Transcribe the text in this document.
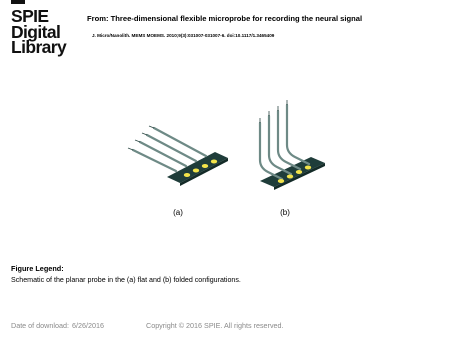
SPIE
Digital
Library
From: Three-dimensional flexible microprobe for recording the neural signal
J. Micro/Nanolith. MEMS MOEMS. 2010;9(3):031007-031007-6. doi:10.1117/1.3465409
(a)	(b)
Figure Legend:
Schematic of the planar probe in the (a) flat and (b) folded configurations.
Date of download: 6/26/2016	Copyright © 2016 SPIE. All rights reserved.
